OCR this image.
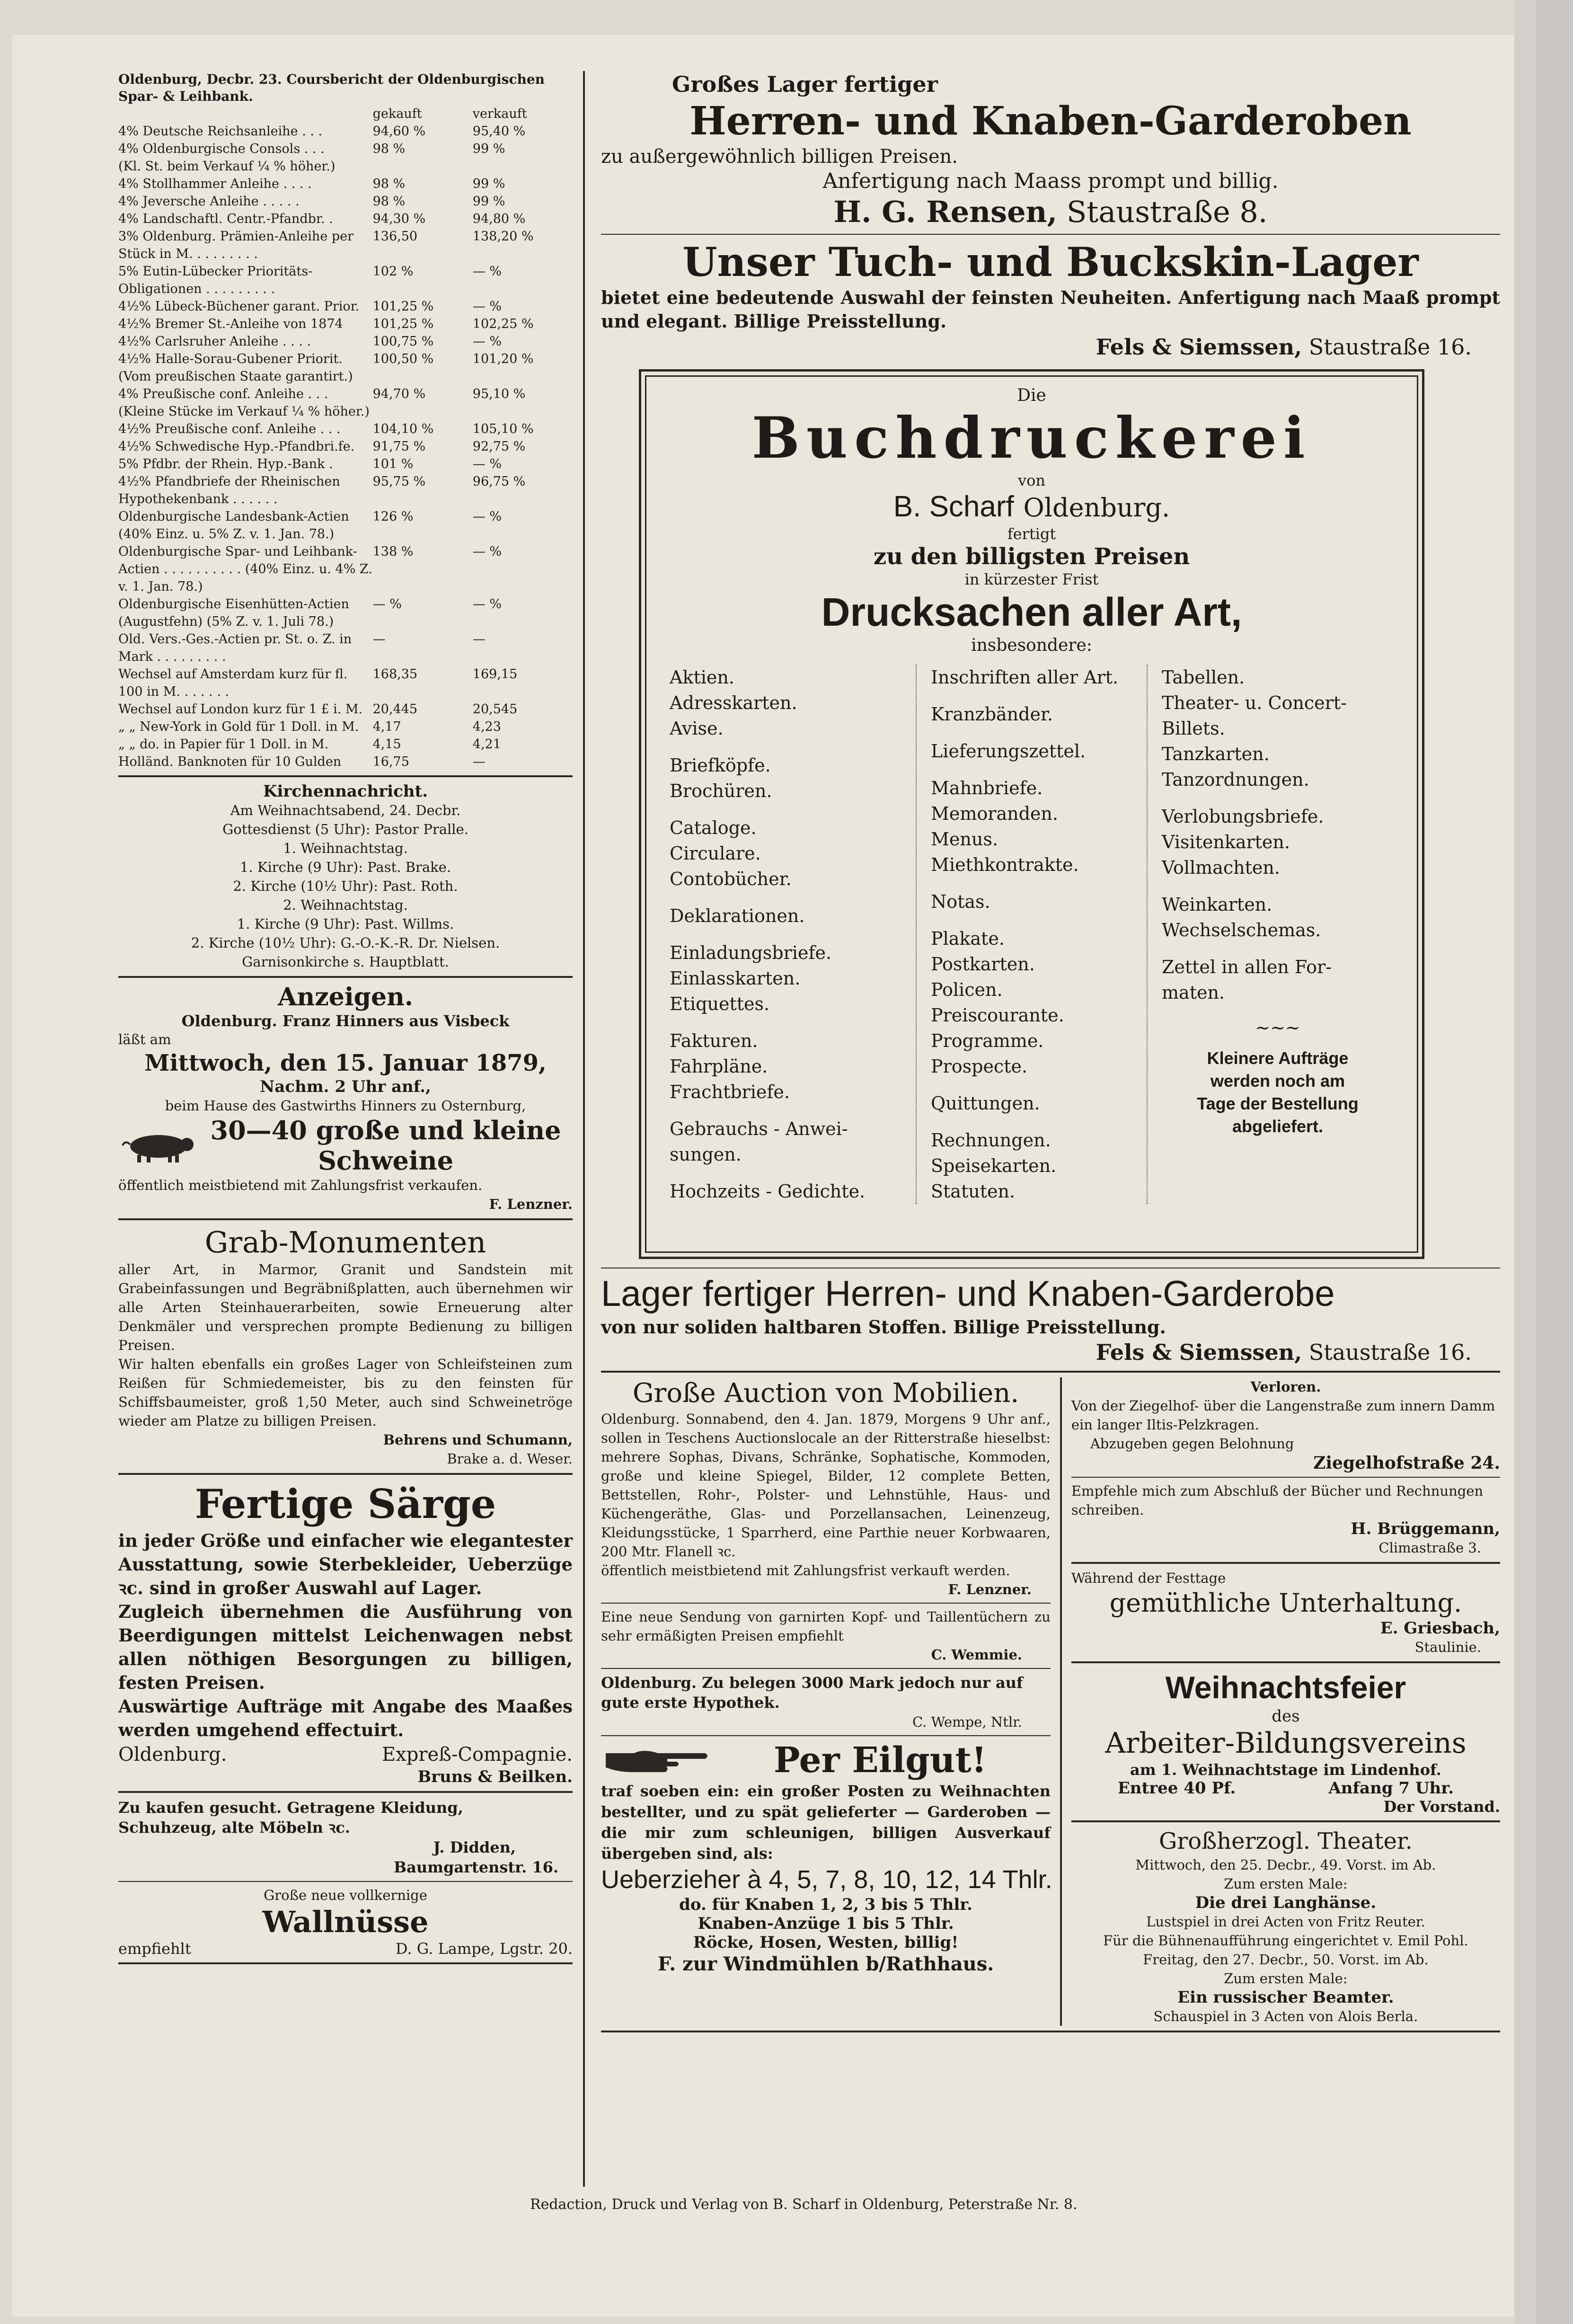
Oldenburg, Decbr. 23. Coursbericht der Oldenburgischen Spar- & Leihbank.
	gekauft	verkauft
4% Deutsche Reichsanleihe . . .	94,60 %	95,40 %
4% Oldenburgische Consols . . .	98 %	99 %
(Kl. St. beim Verkauf ¼ % höher.)		
4% Stollhammer Anleihe . . . .	98 %	99 %
4% Jeversche Anleihe . . . . .	98 %	99 %
4% Landschaftl. Centr.-Pfandbr. .	94,30 %	94,80 %
3% Oldenburg. Prämien-Anleihe per Stück in M. . . . . . . . .	136,50	138,20 %
5% Eutin-Lübecker Prioritäts-Obligationen . . . . . . . . .	102 %	— %
4½% Lübeck-Büchener garant. Prior.	101,25 %	— %
4½% Bremer St.-Anleihe von 1874	101,25 %	102,25 %
4½% Carlsruher Anleihe . . . .	100,75 %	— %
4½% Halle-Sorau-Gubener Priorit.	100,50 %	101,20 %
(Vom preußischen Staate garantirt.)		
4% Preußische conf. Anleihe . . .	94,70 %	95,10 %
(Kleine Stücke im Verkauf ¼ % höher.)		
4½% Preußische conf. Anleihe . . .	104,10 %	105,10 %
4½% Schwedische Hyp.-Pfandbri.fe.	91,75 %	92,75 %
5% Pfdbr. der Rhein. Hyp.-Bank .	101 %	— %
4½% Pfandbriefe der Rheinischen Hypothekenbank . . . . . .	95,75 %	96,75 %
Oldenburgische Landesbank-Actien (40% Einz. u. 5% Z. v. 1. Jan. 78.)	126 %	— %
Oldenburgische Spar- und Leihbank-Actien . . . . . . . . . . (40% Einz. u. 4% Z. v. 1. Jan. 78.)	138 %	— %
Oldenburgische Eisenhütten-Actien (Augustfehn) (5% Z. v. 1. Juli 78.)	— %	— %
Old. Vers.-Ges.-Actien pr. St. o. Z. in Mark . . . . . . . . .	—	—
Wechsel auf Amsterdam kurz für fl. 100 in M. . . . . . .	168,35	169,15
Wechsel auf London kurz für 1 £ i. M.	20,445	20,545
„ „ New-York in Gold für 1 Doll. in M.	4,17	4,23
„ „ do. in Papier für 1 Doll. in M.	4,15	4,21
Holländ. Banknoten für 10 Gulden	16,75	—
Kirchennachricht.
Am Weihnachtsabend, 24. Decbr.
Gottesdienst (5 Uhr): Pastor Pralle.
1. Weihnachtstag.
1. Kirche (9 Uhr): Past. Brake.
2. Kirche (10½ Uhr): Past. Roth.
2. Weihnachtstag.
1. Kirche (9 Uhr): Past. Willms.
2. Kirche (10½ Uhr): G.-O.-K.-R. Dr. Nielsen.
Garnisonkirche s. Hauptblatt.
Anzeigen.
Oldenburg. Franz Hinners aus Visbeck
läßt am
Mittwoch, den 15. Januar 1879,
Nachm. 2 Uhr anf.,
beim Hause des Gastwirths Hinners zu Osternburg,
30—40 große und kleine
Schweine
öffentlich meistbietend mit Zahlungsfrist verkaufen.
F. Lenzner.
Grab-Monumenten
aller Art, in Marmor, Granit und Sandstein mit Grabeinfassungen und Begräbnißplatten, auch übernehmen wir alle Arten Steinhauerarbeiten, sowie Erneuerung alter Denkmäler und versprechen prompte Bedienung zu billigen Preisen.
Wir halten ebenfalls ein großes Lager von Schleifsteinen zum Reißen für Schmiedemeister, bis zu den feinsten für Schiffsbaumeister, groß 1,50 Meter, auch sind Schweinetröge wieder am Platze zu billigen Preisen.
Behrens und Schumann,
Brake a. d. Weser.
Fertige Särge
in jeder Größe und einfacher wie elegantester Ausstattung, sowie Sterbekleider, Ueberzüge ꝛc. sind in großer Auswahl auf Lager.
Zugleich übernehmen die Ausführung von Beerdigungen mittelst Leichenwagen nebst allen nöthigen Besorgungen zu billigen, festen Preisen.
Auswärtige Aufträge mit Angabe des Maaßes werden umgehend effectuirt.
Oldenburg.	Expreß-Compagnie.
Bruns & Beilken.
Zu kaufen gesucht. Getragene Kleidung,
Schuhzeug, alte Möbeln ꝛc.
J. Didden,
Baumgartenstr. 16.
Große neue vollkernige
Wallnüsse
empfiehlt	D. G. Lampe, Lgstr. 20.
Großes Lager fertiger
Herren- und Knaben-Garderoben
zu außergewöhnlich billigen Preisen.
Anfertigung nach Maass prompt und billig.
H. G. Rensen, Staustraße 8.
Unser Tuch- und Buckskin-Lager
bietet eine bedeutende Auswahl der feinsten Neuheiten. Anfertigung nach Maaß prompt und elegant. Billige Preisstellung.
Fels & Siemssen, Staustraße 16.
Die
Buchdruckerei
von
B. Scharf Oldenburg.
fertigt
zu den billigsten Preisen
in kürzester Frist
Drucksachen aller Art,
insbesondere:
Aktien.
Adresskarten.
Avise.
Briefköpfe.
Brochüren.
Cataloge.
Circulare.
Contobücher.
Deklarationen.
Einladungsbriefe.
Einlasskarten.
Etiquettes.
Fakturen.
Fahrpläne.
Frachtbriefe.
Gebrauchs - Anwei-
sungen.
Hochzeits - Gedichte.
Inschriften aller Art.
Kranzbänder.
Lieferungszettel.
Mahnbriefe.
Memoranden.
Menus.
Miethkontrakte.
Notas.
Plakate.
Postkarten.
Policen.
Preiscourante.
Programme.
Prospecte.
Quittungen.
Rechnungen.
Speisekarten.
Statuten.
Tabellen.
Theater- u. Concert-
Billets.
Tanzkarten.
Tanzordnungen.
Verlobungsbriefe.
Visitenkarten.
Vollmachten.
Weinkarten.
Wechselschemas.
Zettel in allen For-
maten.
~~~
Kleinere Aufträge
werden noch am
Tage der Bestellung
abgeliefert.
Lager fertiger Herren- und Knaben-Garderobe
von nur soliden haltbaren Stoffen. Billige Preisstellung.
Fels & Siemssen, Staustraße 16.
Große Auction von Mobilien.
Oldenburg. Sonnabend, den 4. Jan. 1879, Morgens 9 Uhr anf., sollen in Teschens Auctionslocale an der Ritterstraße hieselbst: mehrere Sophas, Divans, Schränke, Sophatische, Kommoden, große und kleine Spiegel, Bilder, 12 complete Betten, Bettstellen, Rohr-, Polster- und Lehnstühle, Haus- und Küchengeräthe, Glas- und Porzellansachen, Leinenzeug, Kleidungsstücke, 1 Sparrherd, eine Parthie neuer Korbwaaren, 200 Mtr. Flanell ꝛc.
öffentlich meistbietend mit Zahlungsfrist verkauft werden.
F. Lenzner.
Eine neue Sendung von garnirten Kopf- und Taillentüchern zu sehr ermäßigten Preisen empfiehlt
C. Wemmie.
Oldenburg. Zu belegen 3000 Mark jedoch nur auf gute erste Hypothek.
C. Wempe, Ntlr.
Per Eilgut!
traf soeben ein: ein großer Posten zu Weihnachten bestellter, und zu spät gelieferter — Garderoben — die mir zum schleunigen, billigen Ausverkauf übergeben sind, als:
Ueberzieher à 4, 5, 7, 8, 10, 12, 14 Thlr.
do. für Knaben 1, 2, 3 bis 5 Thlr.
Knaben-Anzüge 1 bis 5 Thlr.
Röcke, Hosen, Westen, billig!
F. zur Windmühlen b/Rathhaus.
Verloren.
Von der Ziegelhof- über die Langenstraße zum innern Damm ein langer Iltis-Pelzkragen.
Abzugeben gegen Belohnung
Ziegelhofstraße 24.
Empfehle mich zum Abschluß der Bücher und Rechnungen schreiben.
H. Brüggemann,
Climastraße 3.
Während der Festtage
gemüthliche Unterhaltung.
E. Griesbach,
Staulinie.
Weihnachtsfeier
des
Arbeiter-Bildungsvereins
am 1. Weihnachtstage im Lindenhof.
Entree 40 Pf.	Anfang 7 Uhr.
Der Vorstand.
Großherzogl. Theater.
Mittwoch, den 25. Decbr., 49. Vorst. im Ab.
Zum ersten Male:
Die drei Langhänse.
Lustspiel in drei Acten von Fritz Reuter.
Für die Bühnenaufführung eingerichtet v. Emil Pohl.
Freitag, den 27. Decbr., 50. Vorst. im Ab.
Zum ersten Male:
Ein russischer Beamter.
Schauspiel in 3 Acten von Alois Berla.
Redaction, Druck und Verlag von B. Scharf in Oldenburg, Peterstraße Nr. 8.
